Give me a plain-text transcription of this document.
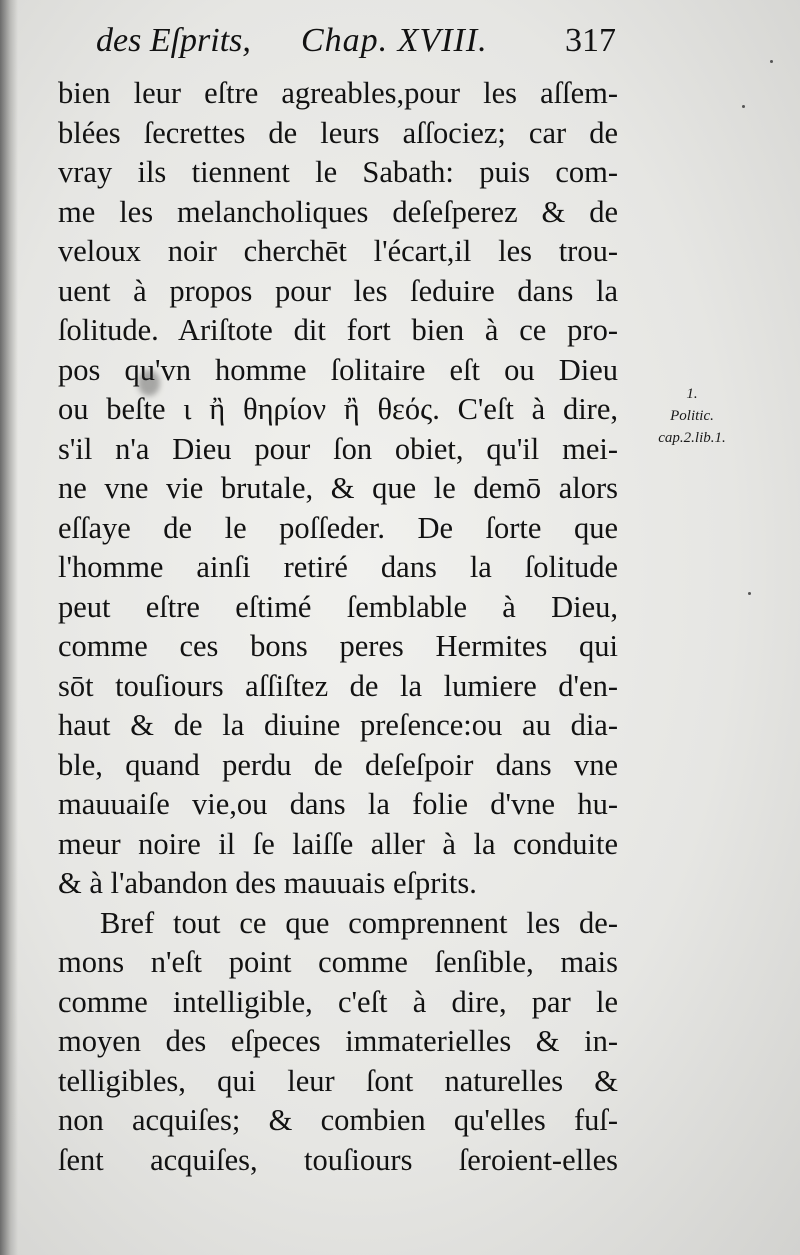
des Eſprits, Chap. XVIII. 317
bien leur eſtre agreables,pour les aſſem-
blées ſecrettes de leurs aſſociez; car de
vray ils tiennent le Sabath: puis com-
me les melancholiques deſeſperez & de
veloux noir cherchēt l'écart,il les trou-
uent à propos pour les ſeduire dans la
ſolitude. Ariſtote dit fort bien à ce pro-
pos qu'vn homme ſolitaire eſt ou Dieu
ou beſte ι ἢ θηρίον ἢ θεός. C'eſt à dire,
s'il n'a Dieu pour ſon obiet, qu'il mei-
ne vne vie brutale, & que le demō alors
eſſaye de le poſſeder. De ſorte que
l'homme ainſi retiré dans la ſolitude
peut eſtre eſtimé ſemblable à Dieu,
comme ces bons peres Hermites qui
sōt touſiours aſſiſtez de la lumiere d'en-
haut & de la diuine preſence:ou au dia-
ble, quand perdu de deſeſpoir dans vne
mauuaiſe vie,ou dans la folie d'vne hu-
meur noire il ſe laiſſe aller à la conduite
& à l'abandon des mauuais eſprits.
Bref tout ce que comprennent les de-
mons n'eſt point comme ſenſible, mais
comme intelligible, c'eſt à dire, par le
moyen des eſpeces immaterielles & in-
telligibles, qui leur ſont naturelles &
non acquiſes; & combien qu'elles fuſ-
ſent acquiſes, touſiours ſeroient-elles
1.
Politic.
cap.2.lib.1.
